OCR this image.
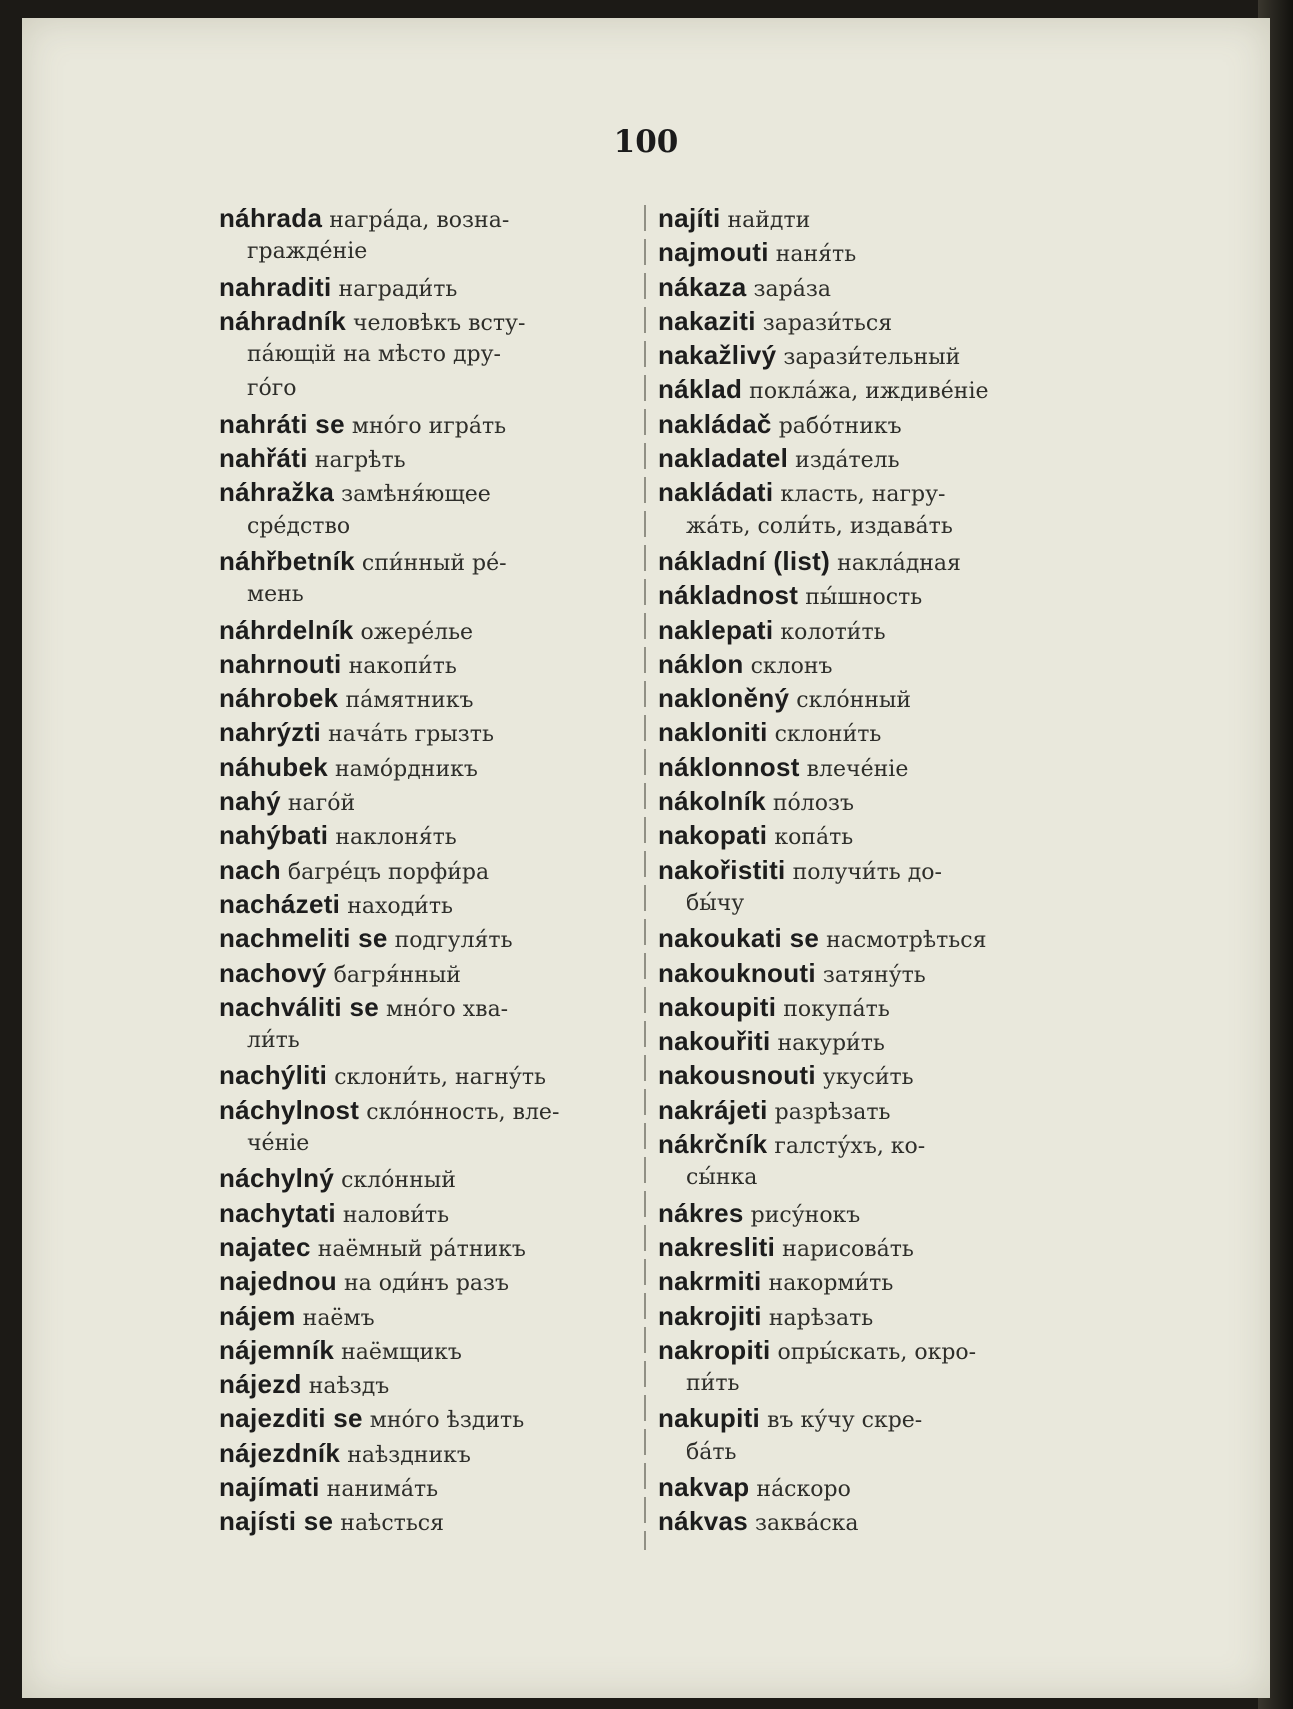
100
náhrada награ́да, возна-
гражде́ніе
nahraditi награди́ть
náhradník человѣкъ всту-
па́ющій на мѣсто дру-
го́го
nahráti se мно́го игра́ть
nahřáti нагрѣть
náhražka замѣня́ющее
сре́дство
náhřbetník спи́нный ре́-
мень
náhrdelník ожере́лье
nahrnouti накопи́ть
náhrobek па́мятникъ
nahrýzti нача́ть грызть
náhubek намо́рдникъ
nahý наго́й
nahýbati наклоня́ть
nach багре́цъ порфи́ра
nacházeti находи́ть
nachmeliti se подгуля́ть
nachový багря́нный
nachváliti se мно́го хва-
ли́ть
nachýliti склони́ть, нагну́ть
náchylnost скло́нность, вле-
че́ніе
náchylný скло́нный
nachytati налови́ть
najatec наёмный ра́тникъ
najednou на оди́нъ разъ
nájem наёмъ
nájemník наёмщикъ
nájezd наѣздъ
najezditi se мно́го ѣздить
nájezdník наѣздникъ
najímati нанима́ть
najísti se наѣсться
najíti найдти
najmouti наня́ть
nákaza зара́за
nakaziti зарази́ться
nakažlivý зарази́тельный
náklad покла́жа, иждиве́ніе
nakládač рабо́тникъ
nakladatel изда́тель
nakládati класть, нагру-
жа́ть, соли́ть, издава́ть
nákladní (list) накла́дная
nákladnost пы́шность
naklepati колоти́ть
náklon склонъ
nakloněný скло́нный
nakloniti склони́ть
náklonnost влече́ніе
nákolník по́лозъ
nakopati копа́ть
nakořistiti получи́ть до-
бы́чу
nakoukati se насмотрѣться
nakouknouti затяну́ть
nakoupiti покупа́ть
nakouřiti накури́ть
nakousnouti укуси́ть
nakrájeti разрѣзать
nákrčník галсту́хъ, ко-
сы́нка
nákres рису́нокъ
nakresliti нарисова́ть
nakrmiti накорми́ть
nakrojiti нарѣзать
nakropiti опры́скать, окро-
пи́ть
nakupiti въ ку́чу скре-
ба́ть
nakvap на́скоро
nákvas заква́ска
